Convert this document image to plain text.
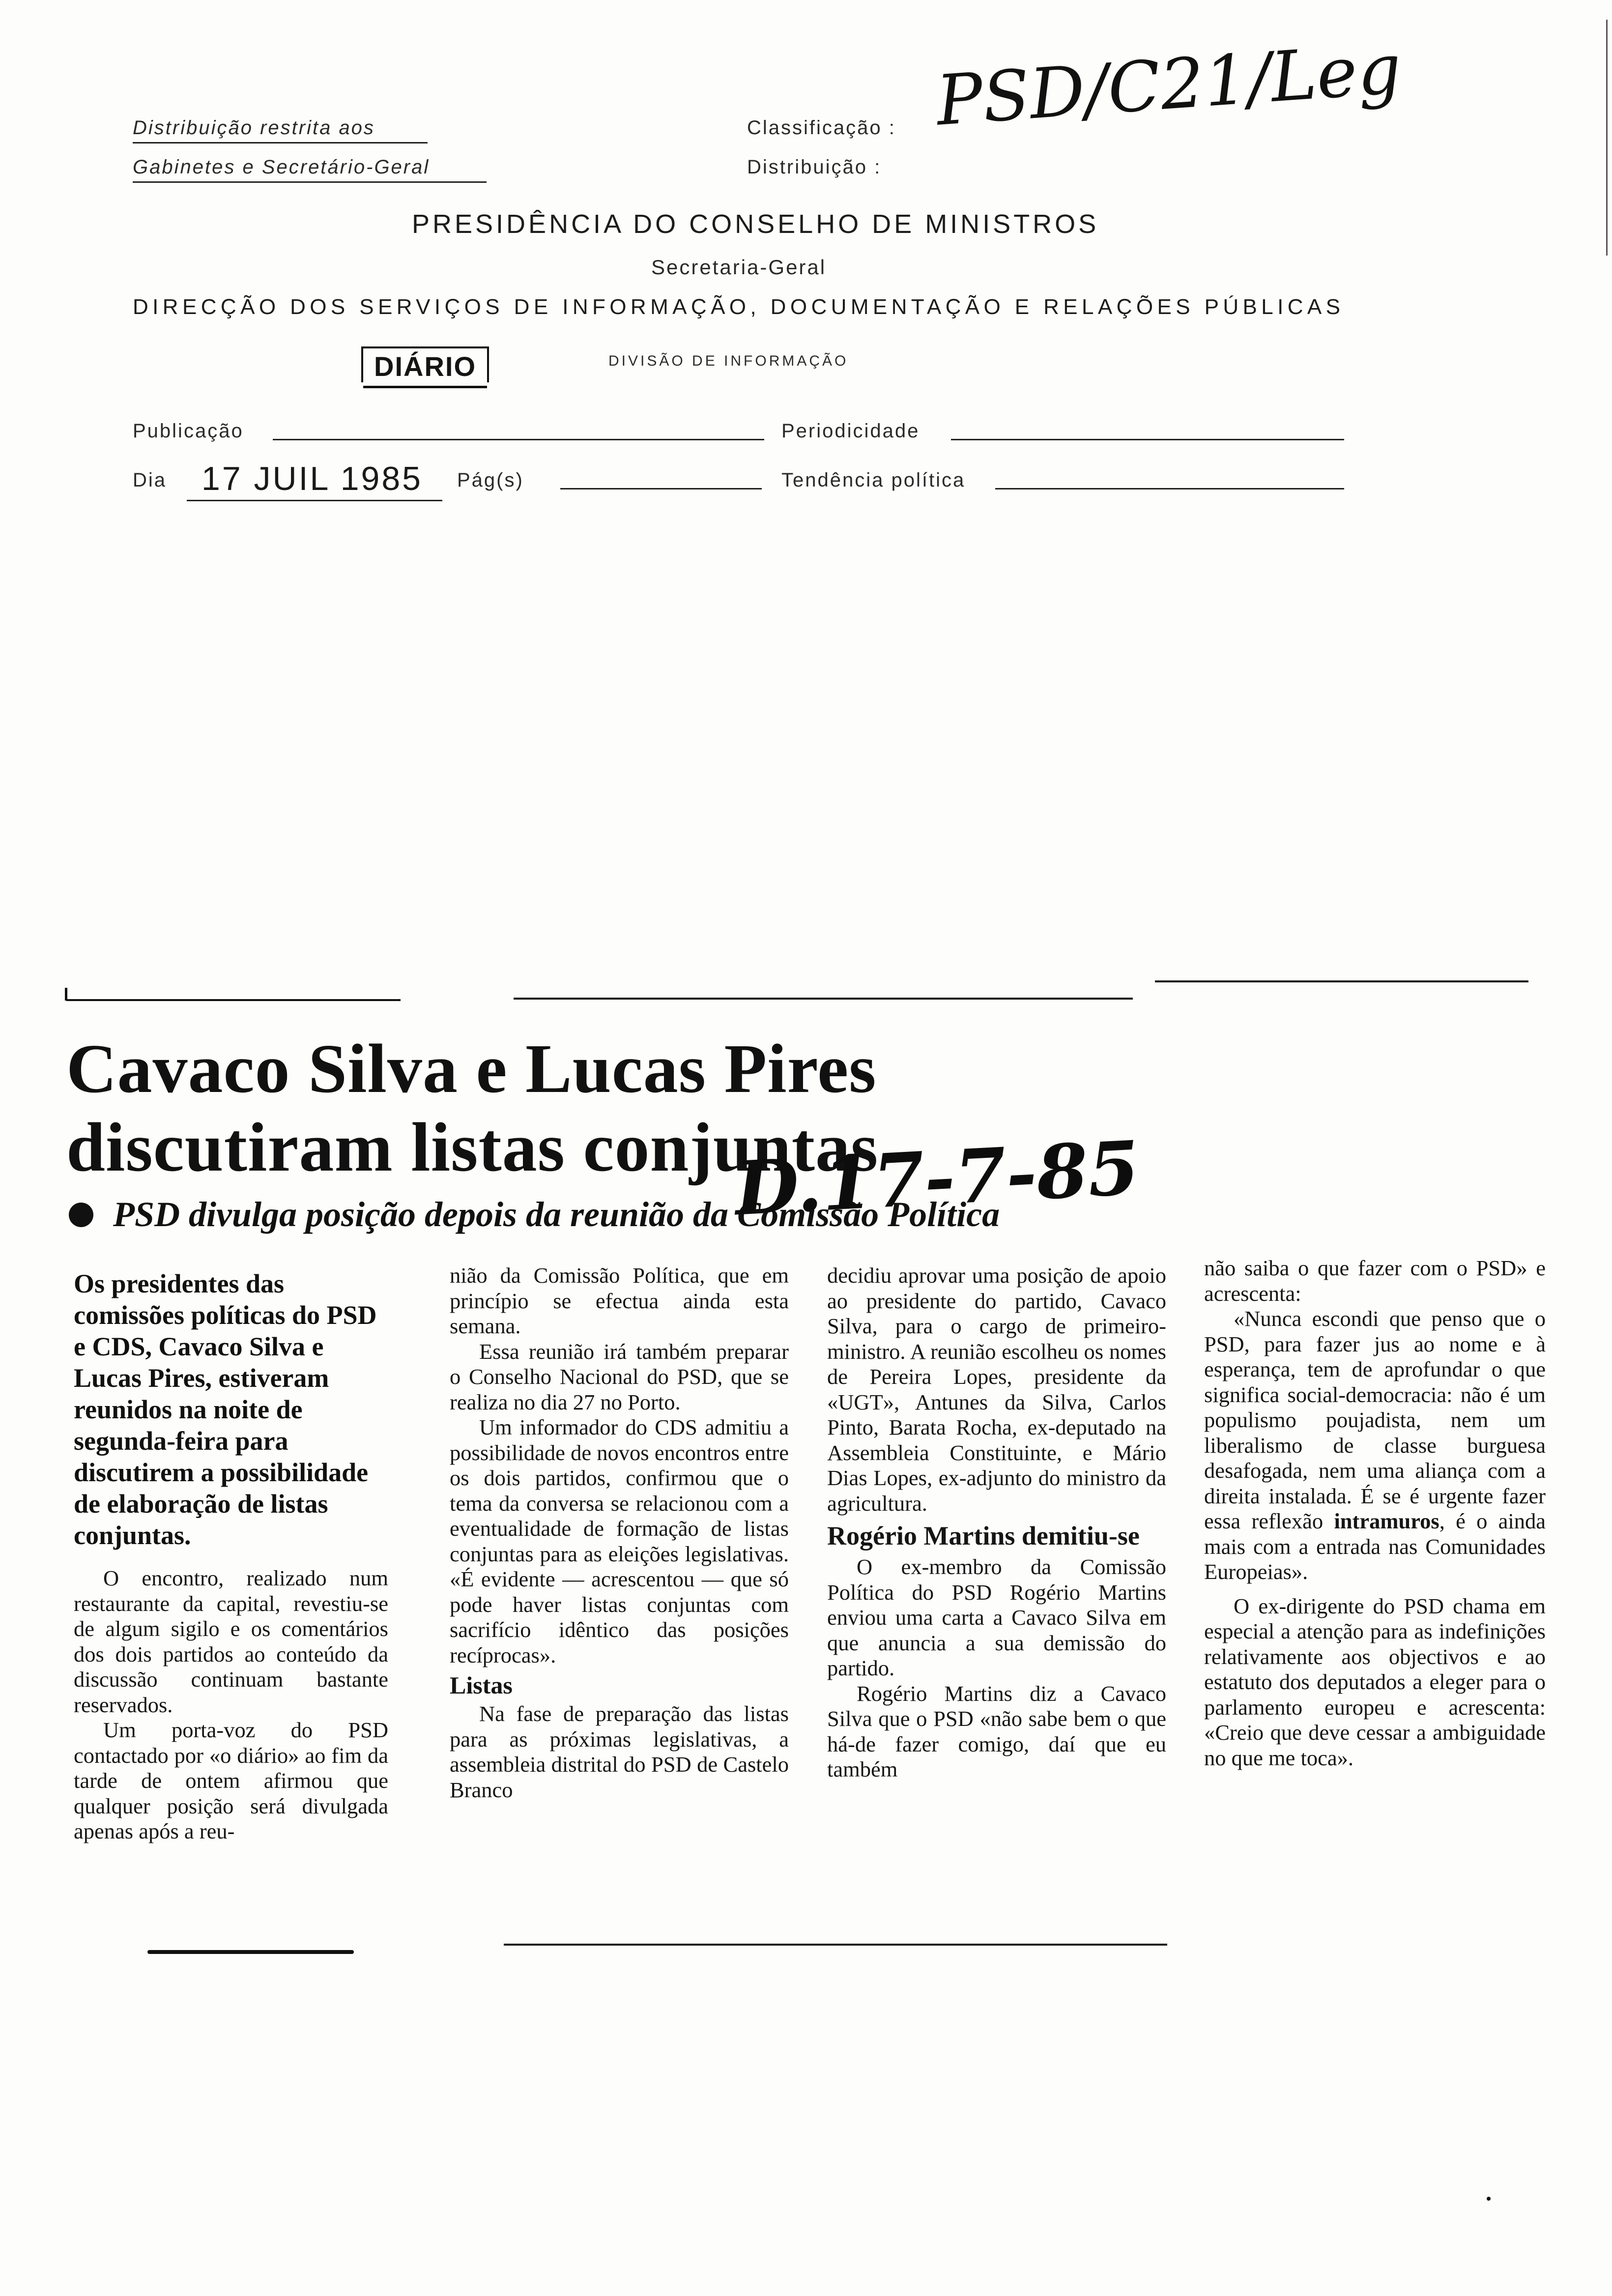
Distribuição restrita aos
Gabinetes e Secretário-Geral
Classificação :
Distribuição :
PSD/C21/Leg
PRESIDÊNCIA DO CONSELHO DE MINISTROS
Secretaria-Geral
DIRECÇÃO DOS SERVIÇOS DE INFORMAÇÃO, DOCUMENTAÇÃO E RELAÇÕES PÚBLICAS
DIÁRIO	DIVISÃO DE INFORMAÇÃO
Publicação	Periodicidade
Dia 17 JUIL 1985 Pág(s)	Tendência política
Cavaco Silva e Lucas Pires
discutiram listas conjuntas
PSD divulga posição depois da reunião da Comissão Política
D.17-7-85
Os presidentes das comissões políticas do PSD e CDS, Cavaco Silva e Lucas Pires, estiveram reunidos na noite de segunda-feira para discutirem a possibilidade de elaboração de listas conjuntas.

O encontro, realizado num restaurante da capital, revestiu-se de algum sigilo e os comentários dos dois partidos ao conteúdo da discussão continuam bastante reservados.

Um porta-voz do PSD contactado por «o diário» ao fim da tarde de ontem afirmou que qualquer posição será divulgada apenas após a reu-

nião da Comissão Política, que em princípio se efectua ainda esta semana.

Essa reunião irá também preparar o Conselho Nacional do PSD, que se realiza no dia 27 no Porto.

Um informador do CDS admitiu a possibilidade de novos encontros entre os dois partidos, confirmou que o tema da conversa se relacionou com a eventualidade de formação de listas conjuntas para as eleições legislativas. «É evidente — acrescentou — que só pode haver listas conjuntas com sacrifício idêntico das posições recíprocas».

Listas

Na fase de preparação das listas para as próximas legislativas, a assembleia distrital do PSD de Castelo Branco

decidiu aprovar uma posição de apoio ao presidente do partido, Cavaco Silva, para o cargo de primeiro-ministro. A reunião escolheu os nomes de Pereira Lopes, presidente da «UGT», Antunes da Silva, Carlos Pinto, Barata Rocha, ex-deputado na Assembleia Constituinte, e Mário Dias Lopes, ex-adjunto do ministro da agricultura.

Rogério Martins demitiu-se

O ex-membro da Comissão Política do PSD Rogério Martins enviou uma carta a Cavaco Silva em que anuncia a sua demissão do partido.

Rogério Martins diz a Cavaco Silva que o PSD «não sabe bem o que há-de fazer comigo, daí que eu também

não saiba o que fazer com o PSD» e acrescenta:

«Nunca escondi que penso que o PSD, para fazer jus ao nome e à esperança, tem de aprofundar o que significa social-democracia: não é um populismo poujadista, nem um liberalismo de classe burguesa desafogada, nem uma aliança com a direita instalada. É se é urgente fazer essa reflexão intramuros, é o ainda mais com a entrada nas Comunidades Europeias».

O ex-dirigente do PSD chama em especial a atenção para as indefinições relativamente aos objectivos e ao estatuto dos deputados a eleger para o parlamento europeu e acrescenta: «Creio que deve cessar a ambiguidade no que me toca».
